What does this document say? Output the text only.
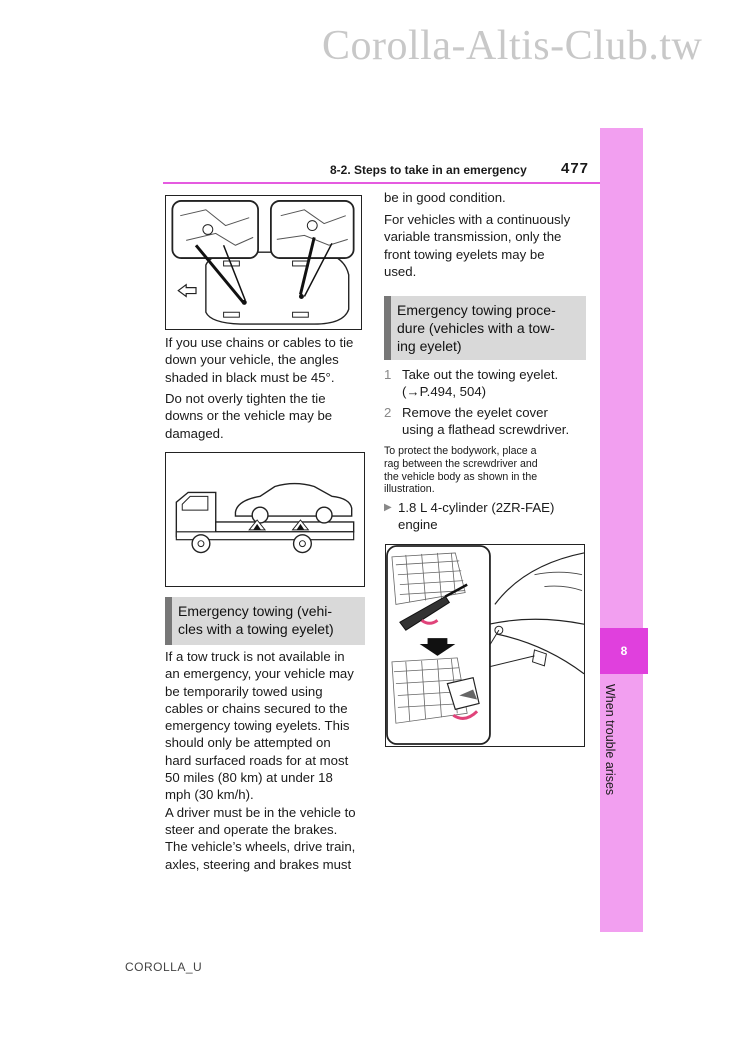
Corolla-Altis-Club.tw
8
When trouble arises
8-2. Steps to take in an emergency 477

If you use chains or cables to tie down your vehicle, the angles shaded in black must be 45°.

Do not overly tighten the tie downs or the vehicle may be damaged.

Emergency towing (vehi-
cles with a towing eyelet)
If a tow truck is not available in
an emergency, your vehicle may
be temporarily towed using
cables or chains secured to the
emergency towing eyelets. This
should only be attempted on
hard surfaced roads for at most
50 miles (80 km) at under 18
mph (30 km/h).
A driver must be in the vehicle to
steer and operate the brakes.
The vehicle’s wheels, drive train,
axles, steering and brakes must

be in good condition.

For vehicles with a continuously
variable transmission, only the
front towing eyelets may be
used.
Emergency towing proce-
dure (vehicles with a tow-
ing eyelet)
1 Take out the towing eyelet.
(→P.494, 504)
2 Remove the eyelet cover
using a flathead screwdriver.
To protect the bodywork, place a
rag between the screwdriver and
the vehicle body as shown in the
illustration.
▶ 1.8 L 4-cylinder (2ZR-FAE)
engine
COROLLA_U
